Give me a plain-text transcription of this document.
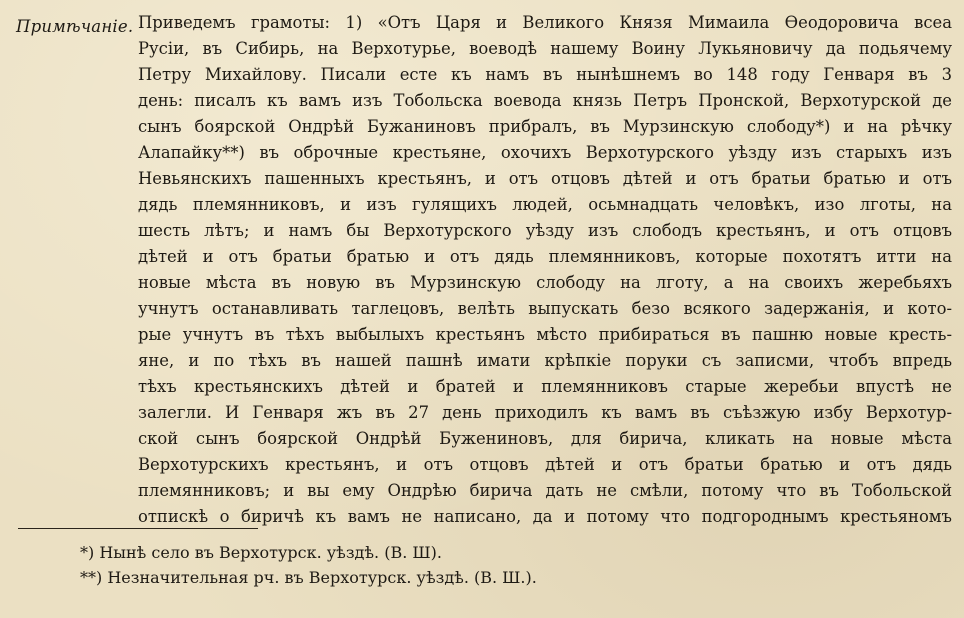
Примѣчаніе. Приведемъ грамоты: 1) «Отъ Царя и Великого Князя Мимаила Ѳеодоровича всеа
Русіи, въ Сибирь, на Верхотурье, воеводѣ нашему Воину Лукьяновичу да подьячему
Петру Михайлову. Писали есте къ намъ въ нынѣшнемъ во 148 году Генваря въ 3
день: писалъ къ вамъ изъ Тобольска воевода князь Петръ Пронской, Верхотурской де
сынъ боярской Ондрѣй Бужаниновъ прибралъ, въ Мурзинскую слободу*) и на рѣчку
Алапайку**) въ оброчные крестьяне, охочихъ Верхотурского уѣзду изъ старыхъ изъ
Невьянскихъ пашенныхъ крестьянъ, и отъ отцовъ дѣтей и отъ братьи братью и отъ
дядь племянниковъ, и изъ гулящихъ людей, осьмнадцать человѣкъ, изо лготы, на
шесть лѣтъ; и намъ бы Верхотурского уѣзду изъ слободъ крестьянъ, и отъ отцовъ
дѣтей и отъ братьи братью и отъ дядь племянниковъ, которые похотятъ итти на
новые мѣста въ новую въ Мурзинскую слободу на лготу, а на своихъ жеребьяхъ
учнутъ останавливать таглецовъ, велѣть выпускать безо всякого задержанія, и кото-
рые учнутъ въ тѣхъ выбылыхъ крестьянъ мѣсто прибираться въ пашню новые кресть-
яне, и по тѣхъ въ нашей пашнѣ имати крѣпкіе поруки съ записми, чтобъ впредь
тѣхъ крестьянскихъ дѣтей и братей и племянниковъ старые жеребьи впустѣ не
залегли. И Генваря жъ въ 27 день приходилъ къ вамъ въ съѣзжую избу Верхотур-
ской сынъ боярской Ондрѣй Бужениновъ, для бирича, кликать на новые мѣста
Верхотурскихъ крестьянъ, и отъ отцовъ дѣтей и отъ братьи братью и отъ дядь
племянниковъ; и вы ему Ондрѣю бирича дать не смѣли, потому что въ Тобольской
отпискѣ о биричѣ къ вамъ не написано, да и потому что подгороднымъ крестьяномъ
*) Нынѣ село въ Верхотурск. уѣздѣ. (В. Ш).
**) Незначительная рч. въ Верхотурск. уѣздѣ. (В. Ш.).
